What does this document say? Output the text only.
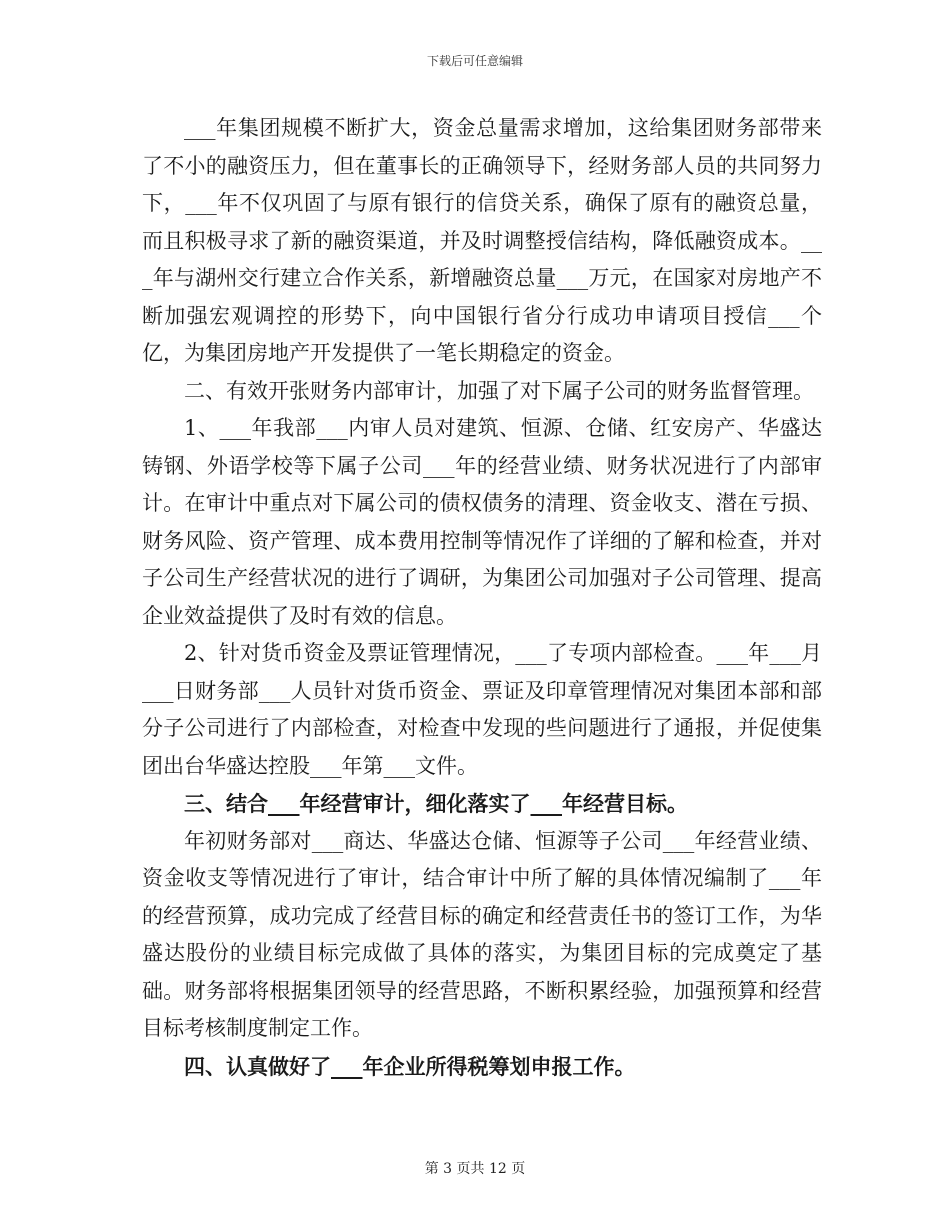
下载后可任意编辑

___年集团规模不断扩大，资金总量需求增加，这给集团财务部带来了不小的融资压力，但在董事长的正确领导下，经财务部人员的共同努力下，___年不仅巩固了与原有银行的信贷关系，确保了原有的融资总量，而且积极寻求了新的融资渠道，并及时调整授信结构，降低融资成本。___年与湖州交行建立合作关系，新增融资总量___万元，在国家对房地产不断加强宏观调控的形势下，向中国银行省分行成功申请项目授信___个亿，为集团房地产开发提供了一笔长期稳定的资金。

二、有效开张财务内部审计，加强了对下属子公司的财务监督管理。

1、___年我部___内审人员对建筑、恒源、仓储、红安房产、华盛达铸钢、外语学校等下属子公司___年的经营业绩、财务状况进行了内部审计。在审计中重点对下属公司的债权债务的清理、资金收支、潜在亏损、财务风险、资产管理、成本费用控制等情况作了详细的了解和检查，并对子公司生产经营状况的进行了调研，为集团公司加强对子公司管理、提高企业效益提供了及时有效的信息。

2、针对货币资金及票证管理情况，___了专项内部检查。___年___月___日财务部___人员针对货币资金、票证及印章管理情况对集团本部和部分子公司进行了内部检查，对检查中发现的些问题进行了通报，并促使集团出台华盛达控股___年第___文件。

三、结合___年经营审计，细化落实了___年经营目标。

年初财务部对___商达、华盛达仓储、恒源等子公司___年经营业绩、资金收支等情况进行了审计，结合审计中所了解的具体情况编制了___年的经营预算，成功完成了经营目标的确定和经营责任书的签订工作，为华盛达股份的业绩目标完成做了具体的落实，为集团目标的完成奠定了基础。财务部将根据集团领导的经营思路，不断积累经验，加强预算和经营目标考核制度制定工作。

四、认真做好了___年企业所得税筹划申报工作。

第 3 页共 12 页
